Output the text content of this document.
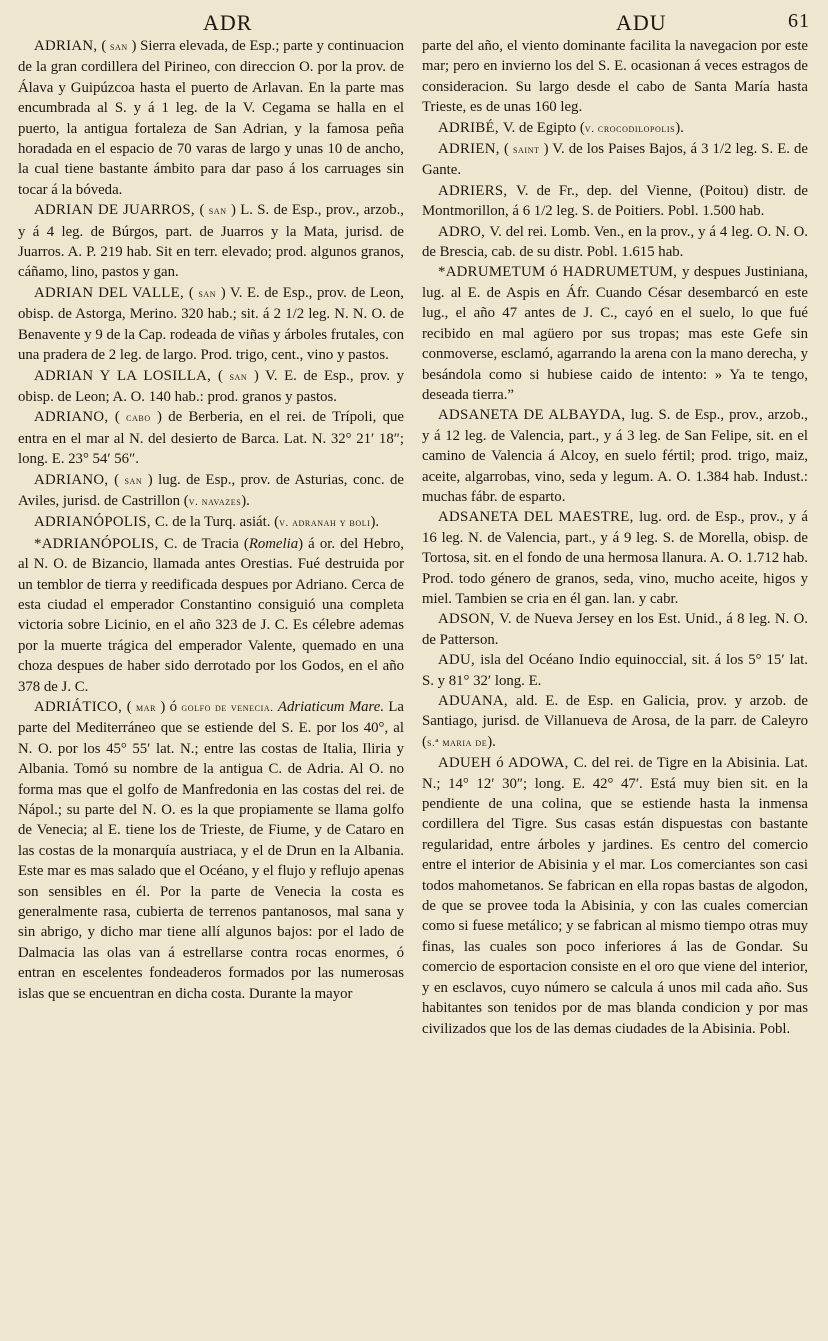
ADR	ADU	61

ADRIAN, ( san ) Sierra elevada, de Esp.; parte y continuacion de la gran cordillera del Pirineo, con direccion O. por la prov. de Álava y Guipúzcoa hasta el puerto de Arlavan. En la parte mas encumbrada al S. y á 1 leg. de la V. Cegama se halla en el puerto, la antigua fortaleza de San Adrian, y la famosa peña horadada en el espacio de 70 varas de largo y unas 10 de ancho, la cual tiene bastante ámbito para dar paso á los carruages sin tocar á la bóveda.

ADRIAN DE JUARROS, ( san ) L. S. de Esp., prov., arzob., y á 4 leg. de Búrgos, part. de Juarros y la Mata, jurisd. de Juarros. A. P. 219 hab. Sit en terr. elevado; prod. algunos granos, cáñamo, lino, pastos y gan.

ADRIAN DEL VALLE, ( san ) V. E. de Esp., prov. de Leon, obisp. de Astorga, Merino. 320 hab.; sit. á 2 1/2 leg. N. N. O. de Benavente y 9 de la Cap. rodeada de viñas y árboles frutales, con una pradera de 2 leg. de largo. Prod. trigo, cent., vino y pastos.

ADRIAN Y LA LOSILLA, ( san ) V. E. de Esp., prov. y obisp. de Leon; A. O. 140 hab.: prod. granos y pastos.

ADRIANO, ( cabo ) de Berberia, en el rei. de Trípoli, que entra en el mar al N. del desierto de Barca. Lat. N. 32° 21′ 18″; long. E. 23° 54′ 56″.

ADRIANO, ( san ) lug. de Esp., prov. de Asturias, conc. de Aviles, jurisd. de Castrillon (v. navazes).

ADRIANÓPOLIS, C. de la Turq. asiát. (v. adranah y boli).

*ADRIANÓPOLIS, C. de Tracia (Romelia) á or. del Hebro, al N. O. de Bizancio, llamada antes Orestias. Fué destruida por un temblor de tierra y reedificada despues por Adriano. Cerca de esta ciudad el emperador Constantino consiguió una completa victoria sobre Licinio, en el año 323 de J. C. Es célebre ademas por la muerte trágica del emperador Valente, quemado en una choza despues de haber sido derrotado por los Godos, en el año 378 de J. C.

ADRIÁTICO, ( mar ) ó golfo de venecia. Adriaticum Mare. La parte del Mediterráneo que se estiende del S. E. por los 40°, al N. O. por los 45° 55′ lat. N.; entre las costas de Italia, Iliria y Albania. Tomó su nombre de la antigua C. de Adria. Al O. no forma mas que el golfo de Manfredonia en las costas del rei. de Nápol.; su parte del N. O. es la que propiamente se llama golfo de Venecia; al E. tiene los de Trieste, de Fiume, y de Cataro en las costas de la monarquía austriaca, y el de Drun en la Albania. Este mar es mas salado que el Océano, y el flujo y reflujo apenas son sensibles en él. Por la parte de Venecia la costa es generalmente rasa, cubierta de terrenos pantanosos, mal sana y sin abrigo, y dicho mar tiene allí algunos bajos: por el lado de Dalmacia las olas van á estrellarse contra rocas enormes, ó entran en escelentes fondeaderos formados por las numerosas islas que se encuentran en dicha costa. Durante la mayor

parte del año, el viento dominante facilita la navegacion por este mar; pero en invierno los del S. E. ocasionan á veces estragos de consideracion. Su largo desde el cabo de Santa María hasta Trieste, es de unas 160 leg.

ADRIBÉ, V. de Egipto (v. crocodilopolis).

ADRIEN, ( saint ) V. de los Paises Bajos, á 3 1/2 leg. S. E. de Gante.

ADRIERS, V. de Fr., dep. del Vienne, (Poitou) distr. de Montmorillon, á 6 1/2 leg. S. de Poitiers. Pobl. 1.500 hab.

ADRO, V. del rei. Lomb. Ven., en la prov., y á 4 leg. O. N. O. de Brescia, cab. de su distr. Pobl. 1.615 hab.

*ADRUMETUM ó HADRUMETUM, y despues Justiniana, lug. al E. de Aspis en Áfr. Cuando César desembarcó en este lug., el año 47 antes de J. C., cayó en el suelo, lo que fué recibido en mal agüero por sus tropas; mas este Gefe sin conmoverse, esclamó, agarrando la arena con la mano derecha, y besándola como si hubiese caido de intento: » Ya te tengo, deseada tierra.”

ADSANETA DE ALBAYDA, lug. S. de Esp., prov., arzob., y á 12 leg. de Valencia, part., y á 3 leg. de San Felipe, sit. en el camino de Valencia á Alcoy, en suelo fértil; prod. trigo, maiz, aceite, algarrobas, vino, seda y legum. A. O. 1.384 hab. Indust.: muchas fábr. de esparto.

ADSANETA DEL MAESTRE, lug. ord. de Esp., prov., y á 16 leg. N. de Valencia, part., y á 9 leg. S. de Morella, obisp. de Tortosa, sit. en el fondo de una hermosa llanura. A. O. 1.712 hab. Prod. todo género de granos, seda, vino, mucho aceite, higos y miel. Tambien se cria en él gan. lan. y cabr.

ADSON, V. de Nueva Jersey en los Est. Unid., á 8 leg. N. O. de Patterson.

ADU, isla del Océano Indio equinoccial, sit. á los 5° 15′ lat. S. y 81° 32′ long. E.

ADUANA, ald. E. de Esp. en Galicia, prov. y arzob. de Santiago, jurisd. de Villanueva de Arosa, de la parr. de Caleyro (s.ª maria de).

ADUEH ó ADOWA, C. del rei. de Tigre en la Abisinia. Lat. N.; 14° 12′ 30″; long. E. 42° 47′. Está muy bien sit. en la pendiente de una colina, que se estiende hasta la inmensa cordillera del Tigre. Sus casas están dispuestas con bastante regularidad, entre árboles y jardines. Es centro del comercio entre el interior de Abisinia y el mar. Los comerciantes son casi todos mahometanos. Se fabrican en ella ropas bastas de algodon, de que se provee toda la Abisinia, y con las cuales comercian como si fuese metálico; y se fabrican al mismo tiempo otras muy finas, las cuales son poco inferiores á las de Gondar. Su comercio de esportacion consiste en el oro que viene del interior, y en esclavos, cuyo número se calcula á unos mil cada año. Sus habitantes son tenidos por de mas blanda condicion y por mas civilizados que los de las demas ciudades de la Abisinia. Pobl.
